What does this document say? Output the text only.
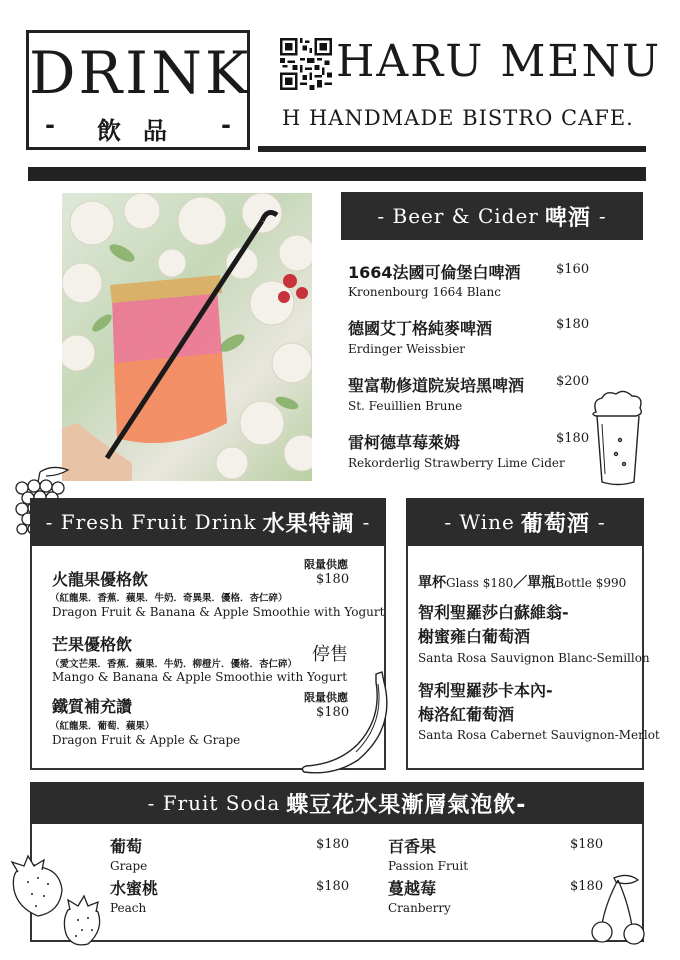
DRINK
- 飲品 -
HARU MENU
H HANDMADE BISTRO CAFE.
- Beer & Cider 啤酒 -
1664法國可倫堡白啤酒
Kronenbourg 1664 Blanc
$160
德國艾丁格純麥啤酒
Erdinger Weissbier
$180
聖富勒修道院炭培黑啤酒
St. Feuillien Brune
$200
雷柯德草莓萊姆
Rekorderlig Strawberry Lime Cider
$180
- Fresh Fruit Drink 水果特調 -
限量供應
火龍果優格飲	$180
（紅龍果．香蕉．蘋果．牛奶．奇異果．優格．杏仁碎）
Dragon Fruit & Banana & Apple Smoothie with Yogurt
芒果優格飲	停售
（愛文芒果．香蕉．蘋果．牛奶．柳橙片．優格．杏仁碎）
Mango & Banana & Apple Smoothie with Yogurt
限量供應
鐵質補充讚	$180
（紅龍果．葡萄．蘋果）
Dragon Fruit & Apple & Grape
- Wine 葡萄酒 -
單杯Glass $180／單瓶Bottle $990
智利聖羅莎白蘇維翁-
榭蜜雍白葡萄酒
Santa Rosa Sauvignon Blanc-Semillon
智利聖羅莎卡本內-
梅洛紅葡萄酒
Santa Rosa Cabernet Sauvignon-Merlot
- Fruit Soda 蝶豆花水果漸層氣泡飲-
葡萄
Grape
$180
水蜜桃
Peach
$180
百香果
Passion Fruit
$180
蔓越莓
Cranberry
$180
